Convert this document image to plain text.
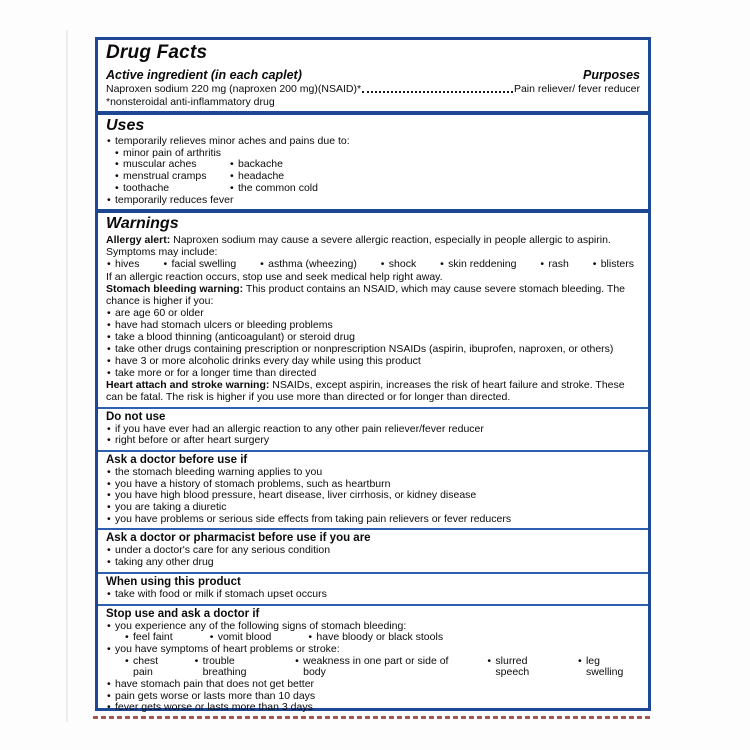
Drug Facts
Active ingredient (in each caplet)	Purposes
Naproxen sodium 220 mg (naproxen 200 mg)(NSAID)*	Pain reliever/ fever reducer
*nonsteroidal anti-inflammatory drug
Uses
• temporarily relieves minor aches and pains due to:
• minor pain of arthritis
• muscular aches	• backache
• menstrual cramps	• headache
• toothache	• the common cold
• temporarily reduces fever
Warnings
Allergy alert: Naproxen sodium may cause a severe allergic reaction, especially in people allergic to aspirin. Symptoms may include:
• hives	• facial swelling	• asthma (wheezing)	• shock	• skin reddening	• rash	• blisters
If an allergic reaction occurs, stop use and seek medical help right away.
Stomach bleeding warning: This product contains an NSAID, which may cause severe stomach bleeding. The chance is higher if you:
• are age 60 or older
• have had stomach ulcers or bleeding problems
• take a blood thinning (anticoagulant) or steroid drug
• take other drugs containing prescription or nonprescription NSAIDs (aspirin, ibuprofen, naproxen, or others)
• have 3 or more alcoholic drinks every day while using this product
• take more or for a longer time than directed
Heart attach and stroke warning: NSAIDs, except aspirin, increases the risk of heart failure and stroke. These can be fatal. The risk is higher if you use more than directed or for longer than directed.
Do not use
• if you have ever had an allergic reaction to any other pain reliever/fever reducer
• right before or after heart surgery
Ask a doctor before use if
• the stomach bleeding warning applies to you
• you have a history of stomach problems, such as heartburn
• you have high blood pressure, heart disease, liver cirrhosis, or kidney disease
• you are taking a diuretic
• you have problems or serious side effects from taking pain relievers or fever reducers
Ask a doctor or pharmacist before use if you are
• under a doctor's care for any serious condition
• taking any other drug
When using this product
• take with food or milk if stomach upset occurs
Stop use and ask a doctor if
• you experience any of the following signs of stomach bleeding:
• feel faint	• vomit blood	• have bloody or black stools
• you have symptoms of heart problems or stroke:
• chest pain
• trouble breathing
• weakness in one part or side of body
• slurred speech
• leg swelling
• have stomach pain that does not get better
• pain gets worse or lasts more than 10 days
• fever gets worse or lasts more than 3 days
